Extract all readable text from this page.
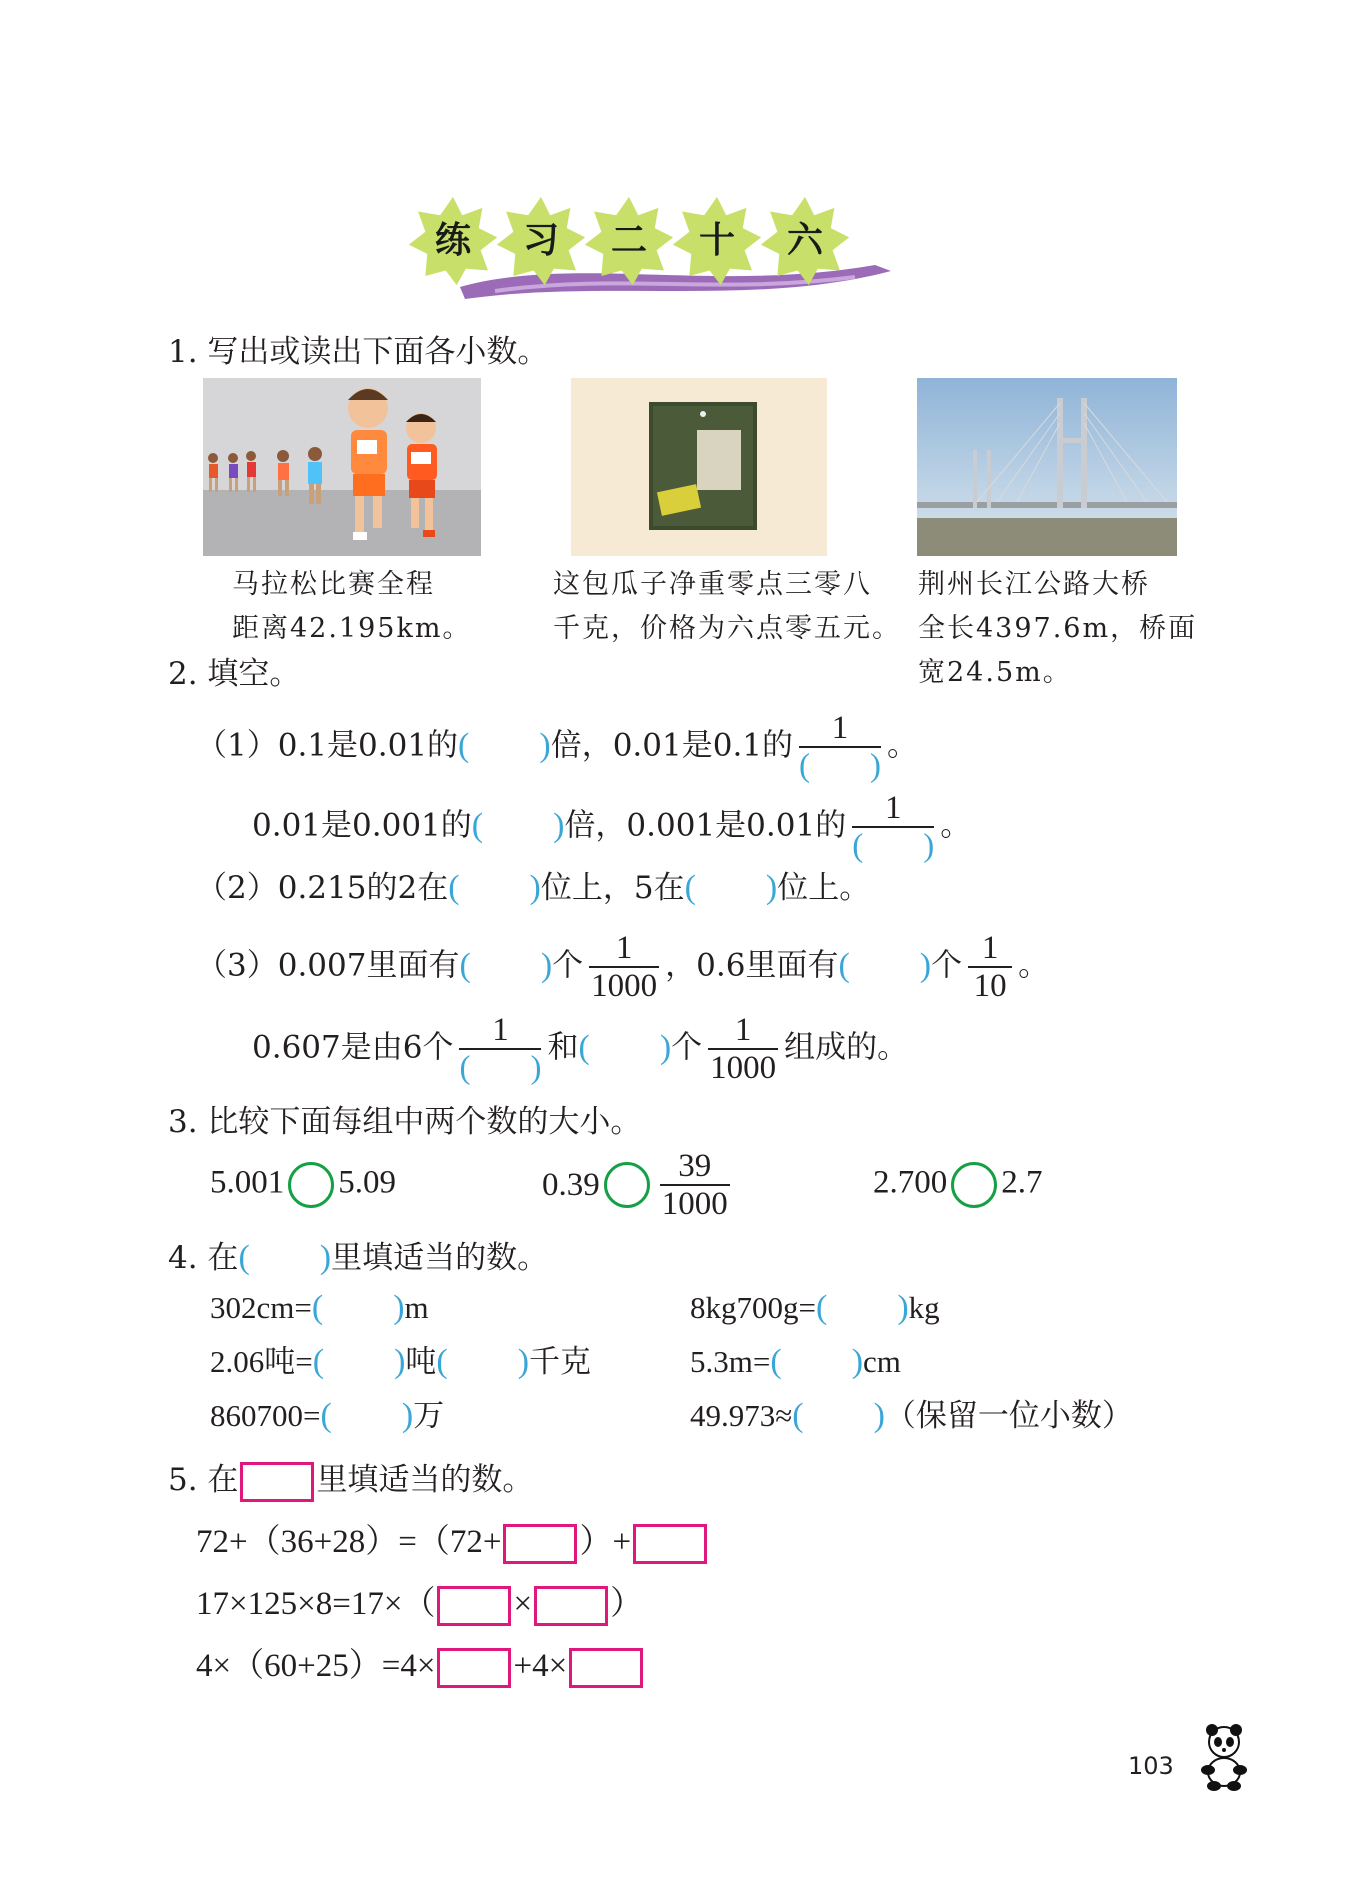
练	习	二	十	六
1. 写出或读出下面各小数。
马拉松比赛全程
距离42.195km。
这包瓜子净重零点三零八
千克，价格为六点零五元。
荆州长江公路大桥
全长4397.6m，桥面
宽24.5m。
2. 填空。
（1）0.1是0.01的( )倍，0.01是0.1的 $\frac{1}{( )}$ 。
0.01是0.001的( )倍，0.001是0.01的 $\frac{1}{( )}$ 。
（2）0.215的2在( )位上，5在( )位上。
（3）0.007里面有( )个 $\frac{1}{1000}$ ，0.6里面有( )个 $\frac{1}{10}$ 。
0.607是由6个 $\frac{1}{( )}$ 和( )个 $\frac{1}{1000}$ 组成的。
3. 比较下面每组中两个数的大小。
5.001 5.09	$0.39 \frac{39}{1000}$	2.700 2.7
4. 在( )里填适当的数。
302cm=( )m	8kg700g=( )kg
2.06吨=( )吨( )千克	5.3m=( )cm
860700=( )万	49.973≈( )（保留一位小数）
5. 在	里填适当的数。
72+（36+28）=（72+ ）+
17×125×8=17×（ × ）
4×（60+25）=4× +4×
103
